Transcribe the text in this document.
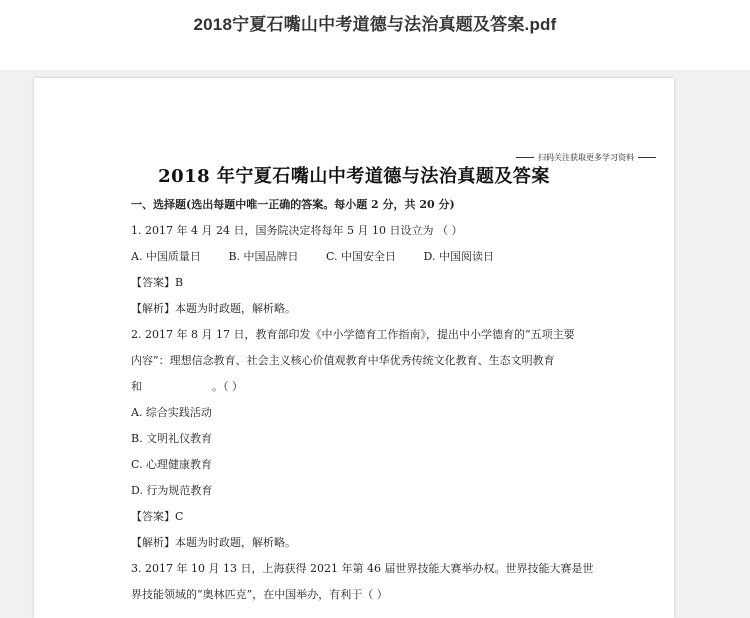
2018宁夏石嘴山中考道德与法治真题及答案.pdf
扫码关注获取更多学习资料
2018 年宁夏石嘴山中考道德与法治真题及答案
一、选择题(选出每题中唯一正确的答案。每小题 2 分，共 20 分)
1. 2017 年 4 月 24 日，国务院决定将每年 5 月 10 日设立为 （ ）
A. 中国质量日	B. 中国品牌日	C. 中国安全日	D. 中国阅读日
【答案】B
【解析】本题为时政题，解析略。
2. 2017 年 8 月 17 日，教育部印发《中小学德育工作指南》，提出中小学德育的“五项主要
内容”：理想信念教育、社会主义核心价值观教育中华优秀传统文化教育、生态文明教育
和	。（ ）
A. 综合实践活动
B. 文明礼仪教育
C. 心理健康教育
D. 行为规范教育
【答案】C
【解析】本题为时政题，解析略。
3. 2017 年 10 月 13 日，上海获得 2021 年第 46 届世界技能大赛举办权。世界技能大赛是世
界技能领域的“奥林匹克”，在中国举办，有利于（ ）
